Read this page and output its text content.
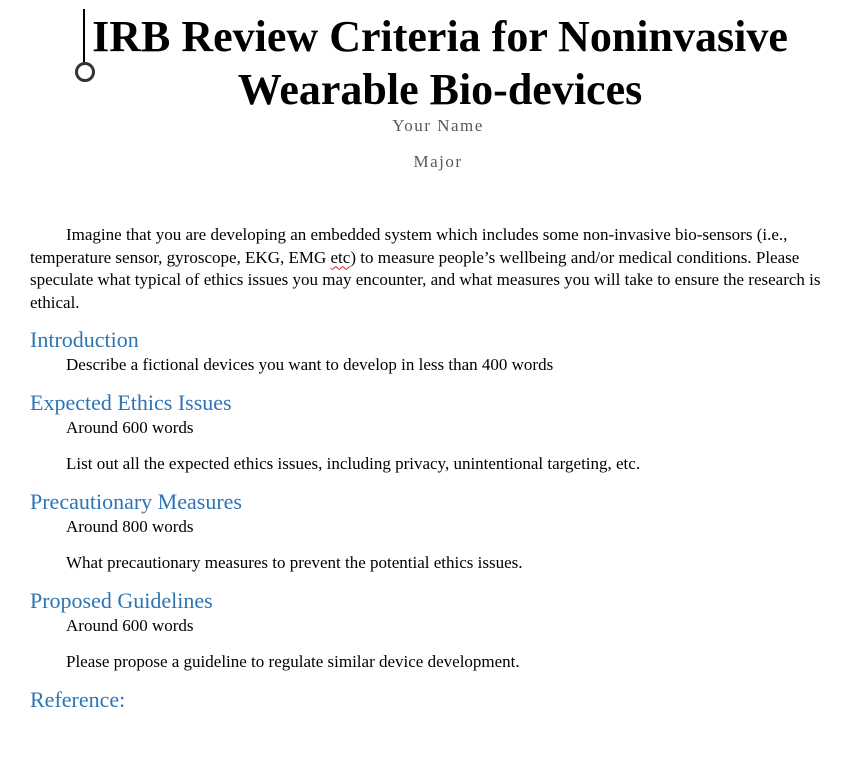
IRB Review Criteria for Noninvasive
Wearable Bio-devices
Your Name
Major

Imagine that you are developing an embedded system which includes some non-invasive bio-sensors (i.e., temperature sensor, gyroscope, EKG, EMG etc) to measure people’s wellbeing and/or medical conditions. Please speculate what typical of ethics issues you may encounter, and what measures you will take to ensure the research is ethical.

Introduction
Describe a fictional devices you want to develop in less than 400 words
Expected Ethics Issues
Around 600 words
List out all the expected ethics issues, including privacy, unintentional targeting, etc.
Precautionary Measures
Around 800 words
What precautionary measures to prevent the potential ethics issues.
Proposed Guidelines
Around 600 words
Please propose a guideline to regulate similar device development.
Reference:
